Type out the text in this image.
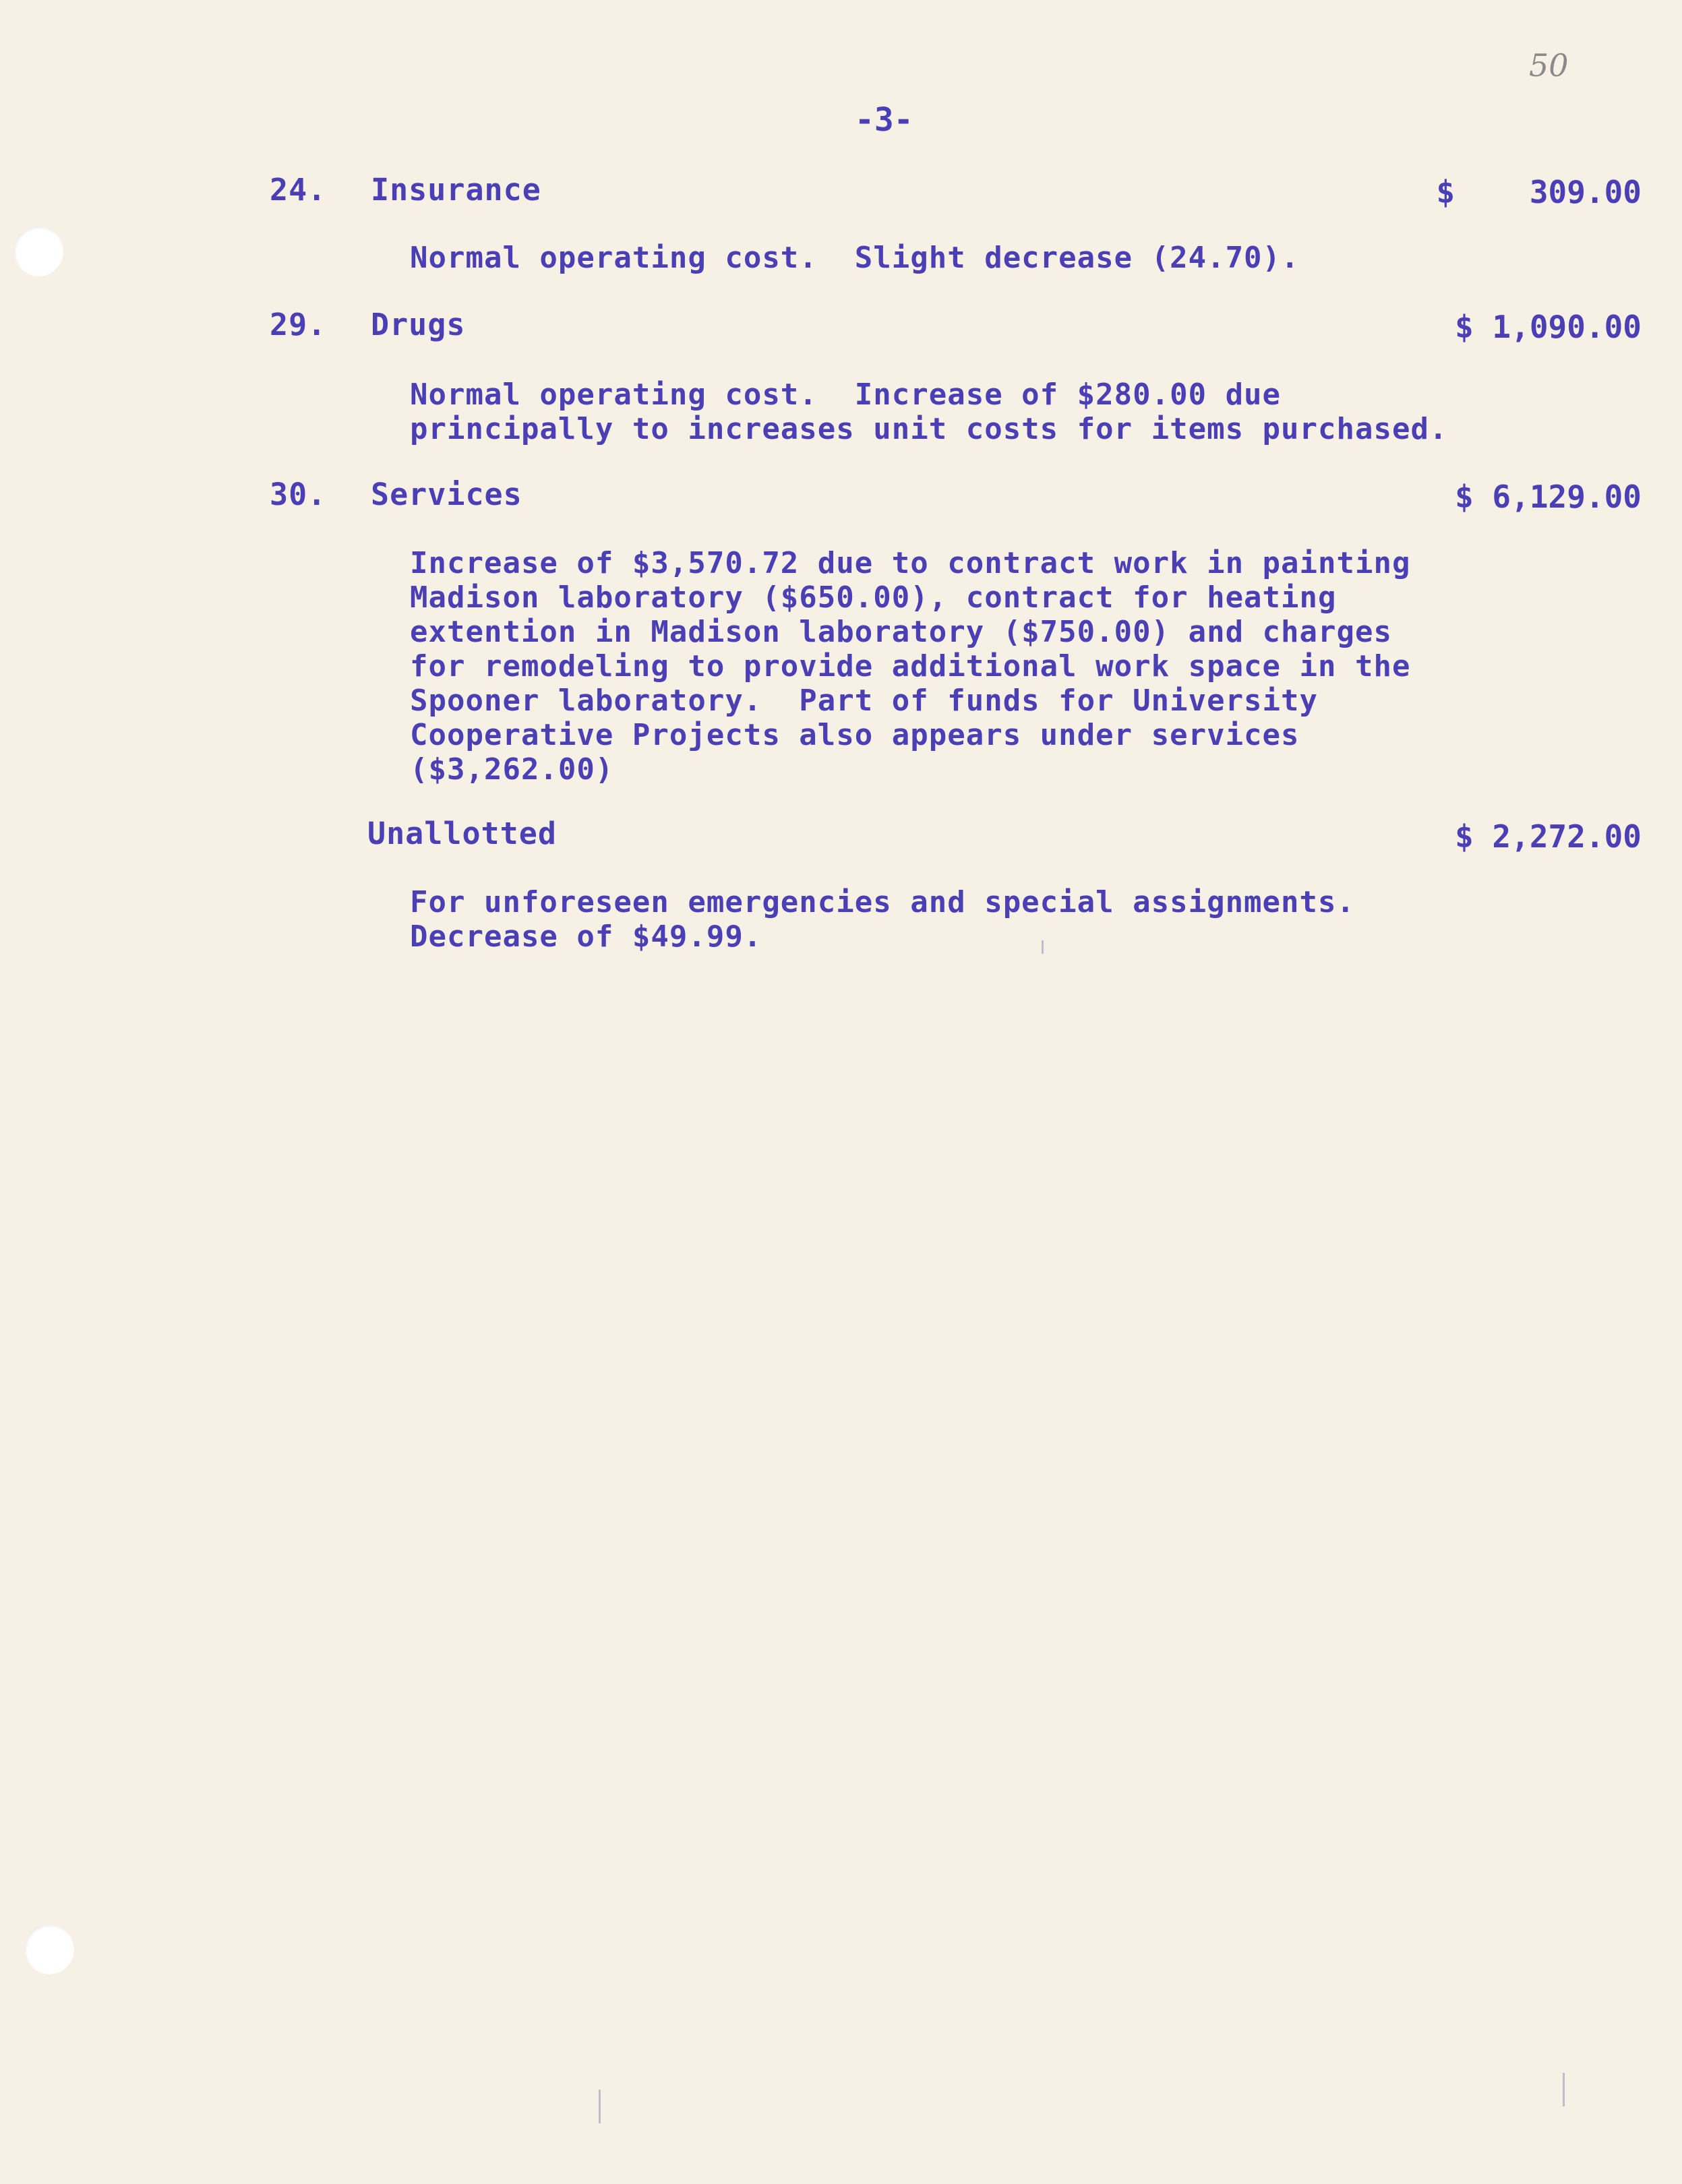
50
-3-
24. Insurance	$    309.00
Normal operating cost.  Slight decrease (24.70).
29. Drugs	$ 1,090.00
Normal operating cost.  Increase of $280.00 due
principally to increases unit costs for items purchased.
30. Services	$ 6,129.00
Increase of $3,570.72 due to contract work in painting
Madison laboratory ($650.00), contract for heating
extention in Madison laboratory ($750.00) and charges
for remodeling to provide additional work space in the
Spooner laboratory.  Part of funds for University
Cooperative Projects also appears under services
($3,262.00)
Unallotted	$ 2,272.00
For unforeseen emergencies and special assignments.
Decrease of $49.99.
